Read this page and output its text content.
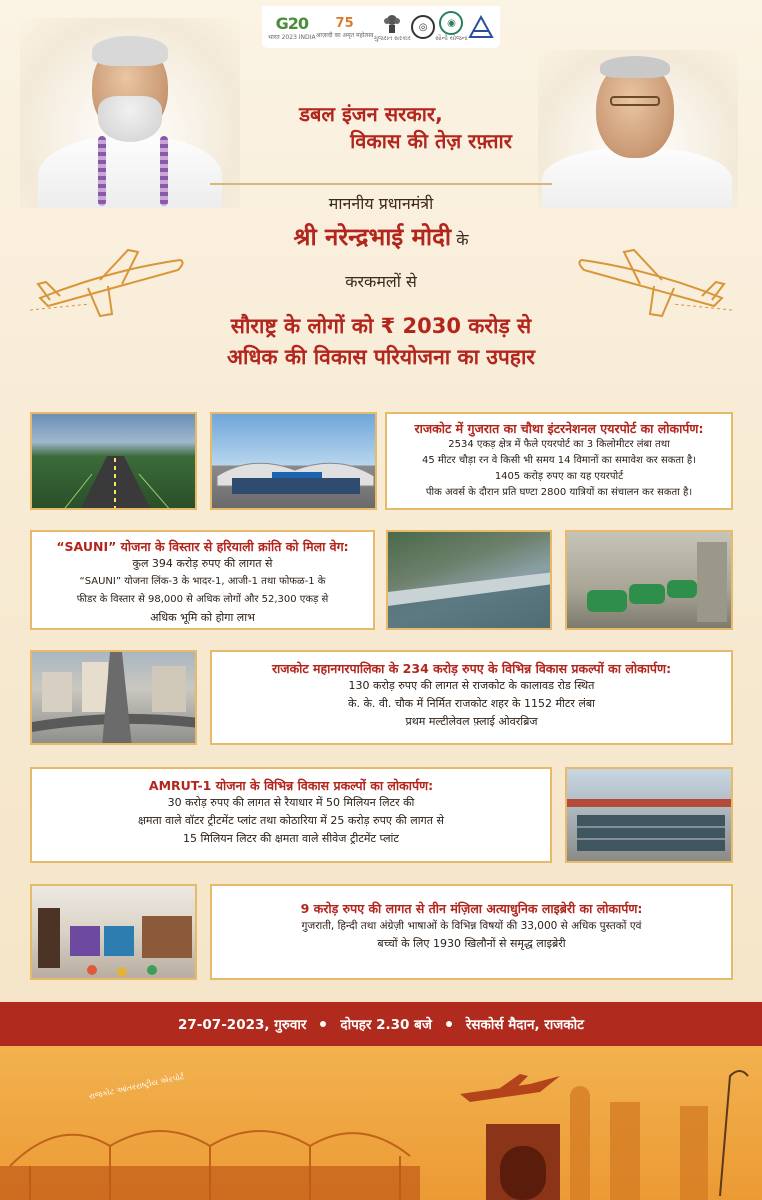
G20
भारत 2023 INDIA
75
आज़ादी का अमृत महोत्सव ગુજરાત સરકાર
◎	◉
સૌની યોજના
डबल इंजन सरकार,
विकास की तेज़ रफ़्तार
माननीय प्रधानमंत्री
श्री नरेन्द्रभाई मोदी के
करकमलों से
सौराष्ट्र के लोगों को ₹ 2030 करोड़ से
अधिक की विकास परियोजना का उपहार
राजकोट में गुजरात का चौथा इंटरनेशनल एयरपोर्ट का लोकार्पण:
2534 एकड़ क्षेत्र में फैले एयरपोर्ट का 3 किलोमीटर लंबा तथा
45 मीटर चौड़ा रन वे किसी भी समय 14 विमानों का समावेश कर सकता है।
1405 करोड़ रुपए का यह एयरपोर्ट
पीक अवर्स के दौरान प्रति घण्टा 2800 यात्रियों का संचालन कर सकता है।
“SAUNI” योजना के विस्तार से हरियाली क्रांति को मिला वेग:
कुल 394 करोड़ रुपए की लागत से
“SAUNI” योजना लिंक-3 के भादर-1, आजी-1 तथा फोफळ-1 के
फीडर के विस्तार से 98,000 से अधिक लोगों और 52,300 एकड़ से
अधिक भूमि को होगा लाभ
राजकोट महानगरपालिका के 234 करोड़ रुपए के विभिन्न विकास प्रकल्पों का लोकार्पण:
130 करोड़ रुपए की लागत से राजकोट के कालावड रोड स्थित
के. के. वी. चौक में निर्मित राजकोट शहर के 1152 मीटर लंबा
प्रथम मल्टीलेवल फ़्लाई ओवरब्रिज
AMRUT-1 योजना के विभिन्न विकास प्रकल्पों का लोकार्पण:
30 करोड़ रुपए की लागत से रैयाधार में 50 मिलियन लिटर की
क्षमता वाले वॉटर ट्रीटमेंट प्लांट तथा कोठारिया में 25 करोड़ रुपए की लागत से
15 मिलियन लिटर की क्षमता वाले सीवेज ट्रीटमेंट प्लांट
9 करोड़ रुपए की लागत से तीन मंज़िला अत्याधुनिक लाइब्रेरी का लोकार्पण:
गुजराती, हिन्दी तथा अंग्रेज़ी भाषाओं के विभिन्न विषयों की 33,000 से अधिक पुस्तकों एवं
बच्चों के लिए 1930 खिलौनों से समृद्ध लाइब्रेरी
27-07-2023, गुरुवार	दोपहर 2.30 बजे	रेसकोर्स मैदान, राजकोट
રાજકોટ આંતરરાષ્ટ્રીય એરપોર્ટ
